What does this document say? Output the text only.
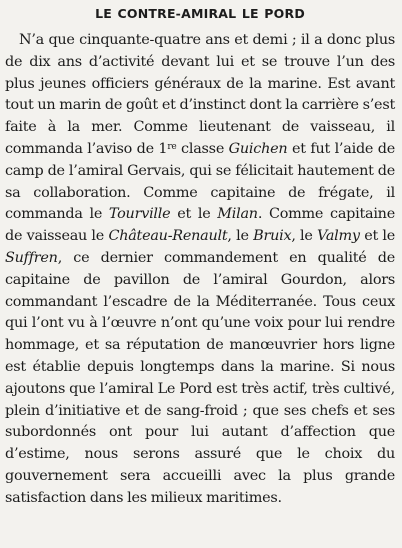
LE CONTRE-AMIRAL LE PORD

N’a que cinquante-quatre ans et demi ; il a donc plus de dix ans d’activité devant lui et se trouve l’un des plus jeunes officiers généraux de la marine. Est avant tout un marin de goût et d’instinct dont la carrière s’est faite à la mer. Comme lieutenant de vaisseau, il commanda l’aviso de 1re classe Guichen et fut l’aide de camp de l’amiral Gervais, qui se félicitait hautement de sa collaboration. Comme capitaine de frégate, il commanda le Tourville et le Milan. Comme capitaine de vaisseau le Château-Renault, le Bruix, le Valmy et le Suffren, ce dernier commandement en qualité de capitaine de pavillon de l’amiral Gourdon, alors commandant l’escadre de la Méditerranée. Tous ceux qui l’ont vu à l’œuvre n’ont qu’une voix pour lui rendre hommage, et sa réputation de manœuvrier hors ligne est établie depuis longtemps dans la marine. Si nous ajoutons que l’amiral Le Pord est très actif, très cultivé, plein d’initiative et de sang-froid ; que ses chefs et ses subordonnés ont pour lui autant d’affection que d’estime, nous serons assuré que le choix du gouvernement sera accueilli avec la plus grande satisfaction dans les milieux maritimes.
